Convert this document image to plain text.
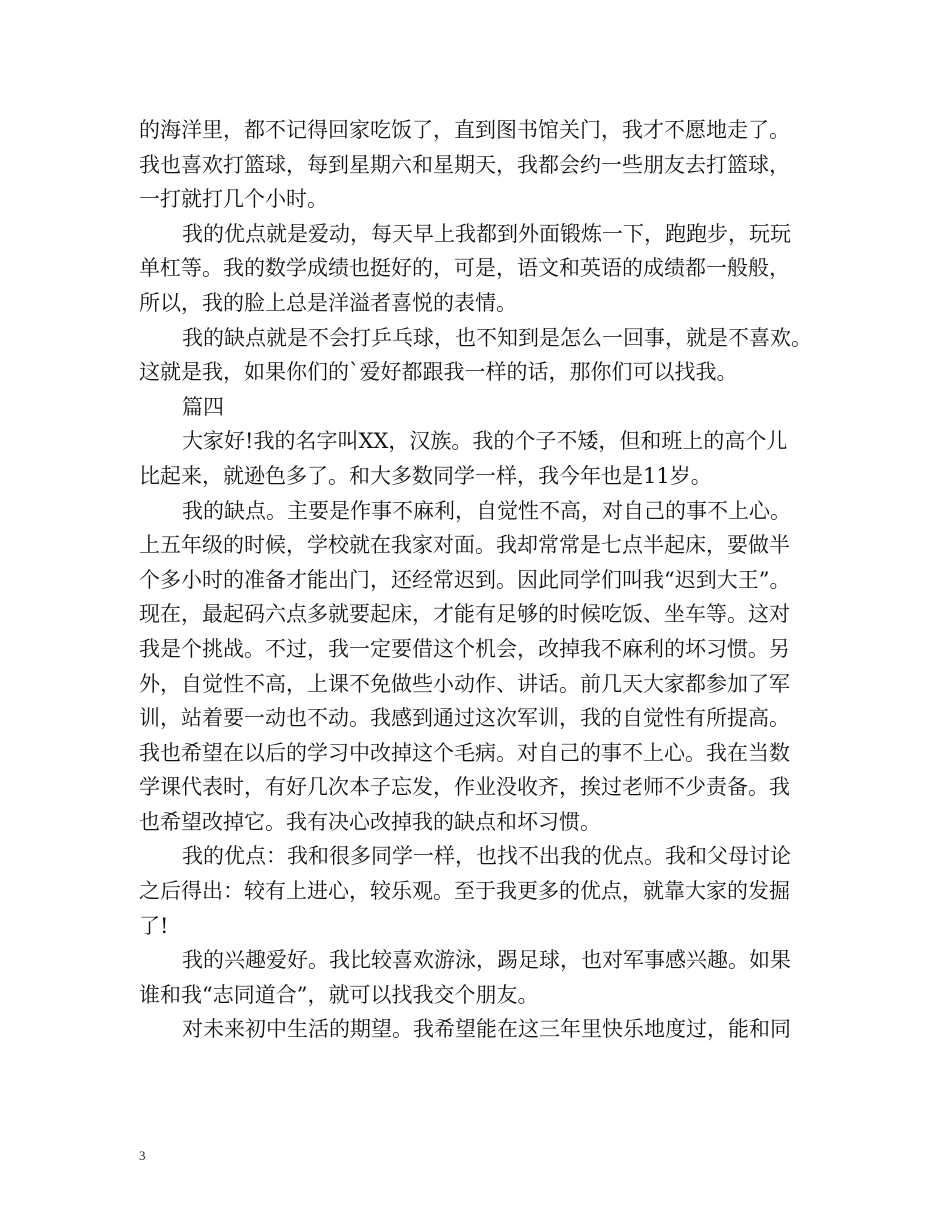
的海洋里，都不记得回家吃饭了，直到图书馆关门，我才不愿地走了。
我也喜欢打篮球，每到星期六和星期天，我都会约一些朋友去打篮球，
一打就打几个小时。
我的优点就是爱动，每天早上我都到外面锻炼一下，跑跑步，玩玩
单杠等。我的数学成绩也挺好的，可是，语文和英语的成绩都一般般，
所以，我的脸上总是洋溢者喜悦的表情。
我的缺点就是不会打乒乓球，也不知到是怎么一回事，就是不喜欢。
这就是我，如果你们的`爱好都跟我一样的话，那你们可以找我。
篇四
大家好!我的名字叫XX，汉族。我的个子不矮，但和班上的高个儿
比起来，就逊色多了。和大多数同学一样，我今年也是11岁。
我的缺点。主要是作事不麻利，自觉性不高，对自己的事不上心。
上五年级的时候，学校就在我家对面。我却常常是七点半起床，要做半
个多小时的准备才能出门，还经常迟到。因此同学们叫我“迟到大王”。
现在，最起码六点多就要起床，才能有足够的时候吃饭、坐车等。这对
我是个挑战。不过，我一定要借这个机会，改掉我不麻利的坏习惯。另
外，自觉性不高，上课不免做些小动作、讲话。前几天大家都参加了军
训，站着要一动也不动。我感到通过这次军训，我的自觉性有所提高。
我也希望在以后的学习中改掉这个毛病。对自己的事不上心。我在当数
学课代表时，有好几次本子忘发，作业没收齐，挨过老师不少责备。我
也希望改掉它。我有决心改掉我的缺点和坏习惯。
我的优点：我和很多同学一样，也找不出我的优点。我和父母讨论
之后得出：较有上进心，较乐观。至于我更多的优点，就靠大家的发掘
了!
我的兴趣爱好。我比较喜欢游泳，踢足球，也对军事感兴趣。如果
谁和我“志同道合”，就可以找我交个朋友。
对未来初中生活的期望。我希望能在这三年里快乐地度过，能和同
3
